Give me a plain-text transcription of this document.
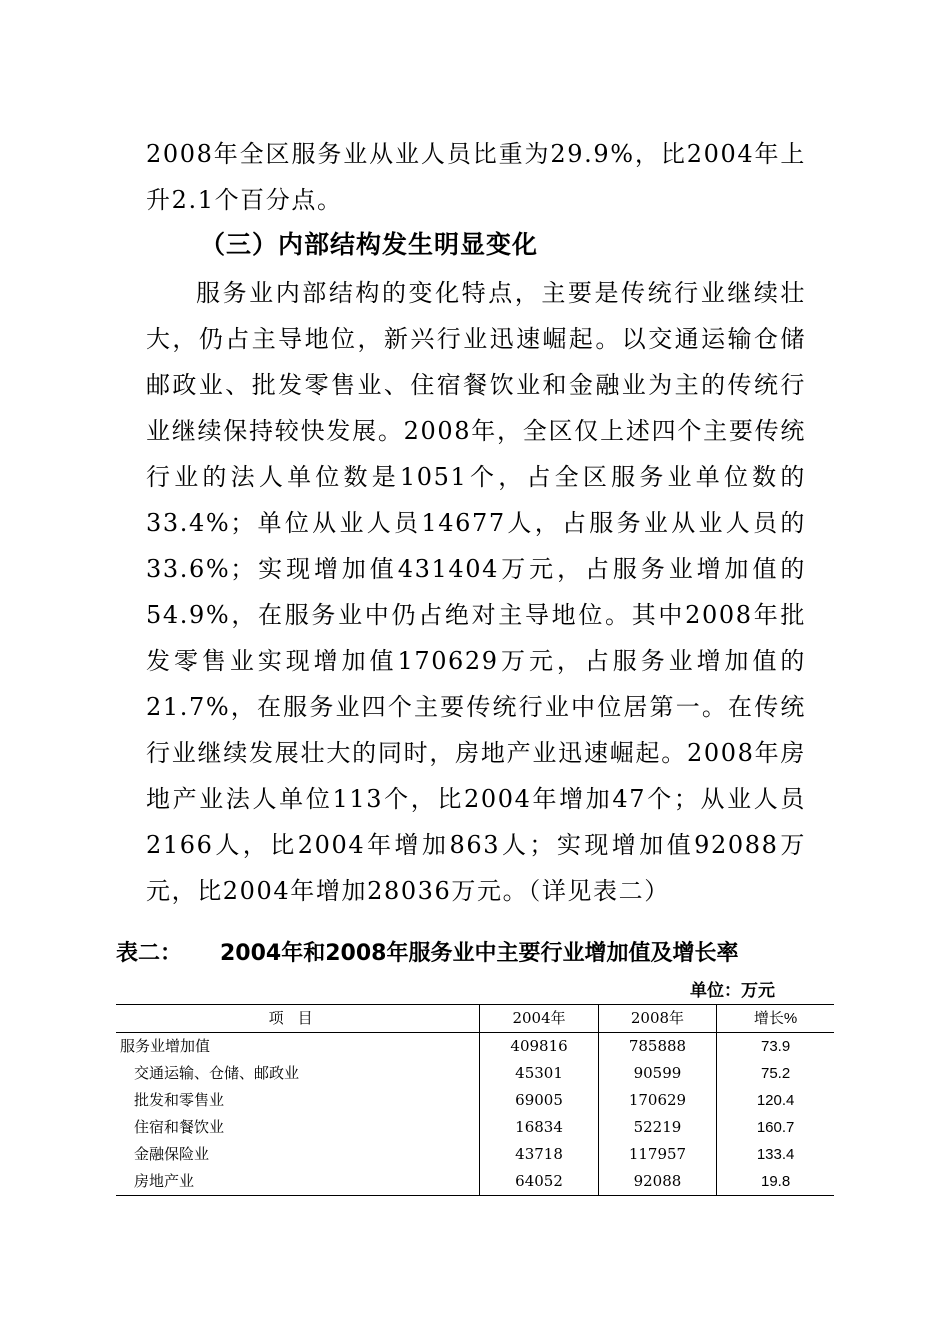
2008年全区服务业从业人员比重为29.9%，比2004年上升2.1个百分点。

（三）内部结构发生明显变化

服务业内部结构的变化特点，主要是传统行业继续壮大，仍占主导地位，新兴行业迅速崛起。以交通运输仓储邮政业、批发零售业、住宿餐饮业和金融业为主的传统行业继续保持较快发展。2008年，全区仅上述四个主要传统行业的法人单位数是1051个，占全区服务业单位数的33.4%；单位从业人员14677人，占服务业从业人员的33.6%；实现增加值431404万元，占服务业增加值的54.9%，在服务业中仍占绝对主导地位。其中2008年批发零售业实现增加值170629万元，占服务业增加值的21.7%，在服务业四个主要传统行业中位居第一。在传统行业继续发展壮大的同时，房地产业迅速崛起。2008年房地产业法人单位113个，比2004年增加47个；从业人员2166人，比2004年增加863人；实现增加值92088万元，比2004年增加28036万元。（详见表二）

表二： 2004年和2008年服务业中主要行业增加值及增长率
单位：万元
项目	2004年	2008年	增长%
服务业增加值	409816	785888	73.9
交通运输、仓储、邮政业	45301	90599	75.2
批发和零售业	69005	170629	120.4
住宿和餐饮业	16834	52219	160.7
金融保险业	43718	117957	133.4
房地产业	64052	92088	19.8
